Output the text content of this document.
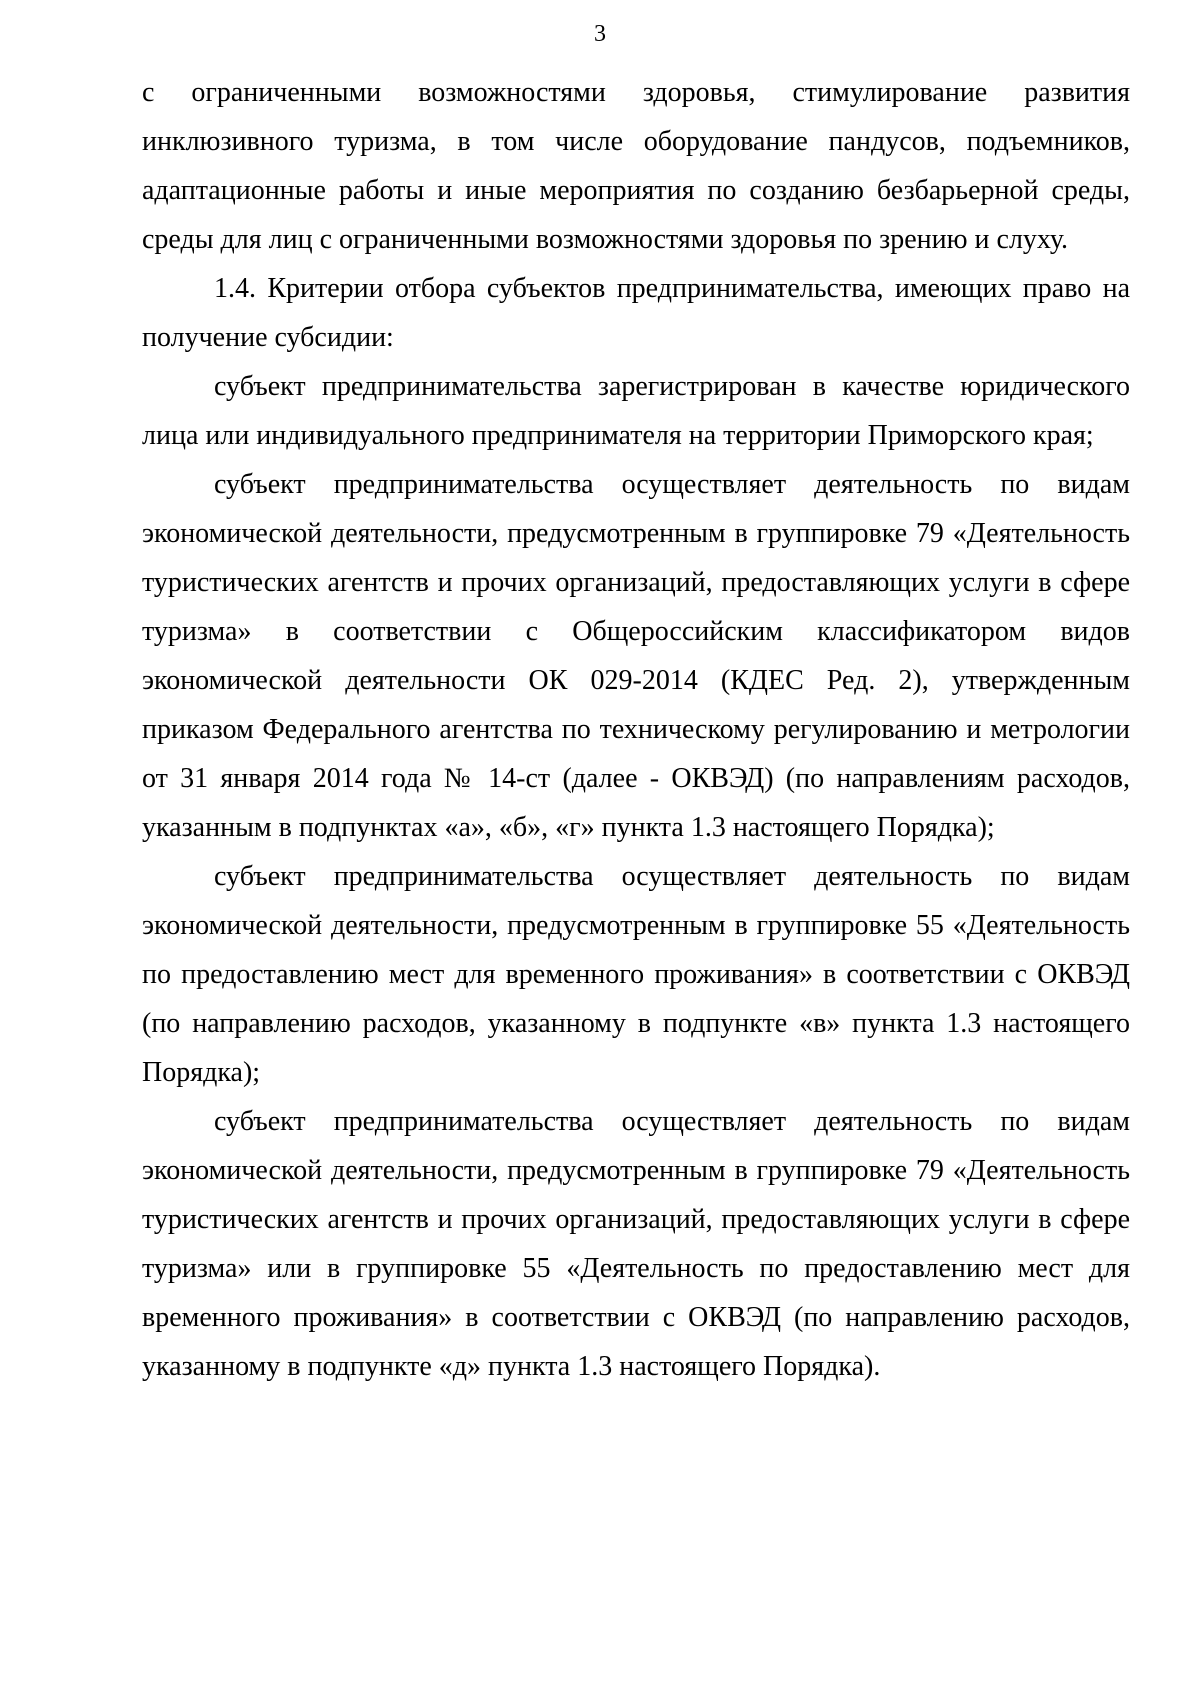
3

с ограниченными возможностями здоровья, стимулирование развития инклюзивного туризма, в том числе оборудование пандусов, подъемников, адаптационные работы и иные мероприятия по созданию безбарьерной среды, среды для лиц с ограниченными возможностями здоровья по зрению и слуху.

1.4. Критерии отбора субъектов предпринимательства, имеющих право на получение субсидии:

субъект предпринимательства зарегистрирован в качестве юридического лица или индивидуального предпринимателя на территории Приморского края;

субъект предпринимательства осуществляет деятельность по видам экономической деятельности, предусмотренным в группировке 79 «Деятельность туристических агентств и прочих организаций, предоставляющих услуги в сфере туризма» в соответствии с Общероссийским классификатором видов экономической деятельности ОК 029-2014 (КДЕС Ред. 2), утвержденным приказом Федерального агентства по техническому регулированию и метрологии от 31 января 2014 года № 14-ст (далее - ОКВЭД) (по направлениям расходов, указанным в подпунктах «а», «б», «г» пункта 1.3 настоящего Порядка);

субъект предпринимательства осуществляет деятельность по видам экономической деятельности, предусмотренным в группировке 55 «Деятельность по предоставлению мест для временного проживания» в соответствии с ОКВЭД (по направлению расходов, указанному в подпункте «в» пункта 1.3 настоящего Порядка);

субъект предпринимательства осуществляет деятельность по видам экономической деятельности, предусмотренным в группировке 79 «Деятельность туристических агентств и прочих организаций, предоставляющих услуги в сфере туризма» или в группировке 55 «Деятельность по предоставлению мест для временного проживания» в соответствии с ОКВЭД (по направлению расходов, указанному в подпункте «д» пункта 1.3 настоящего Порядка).
